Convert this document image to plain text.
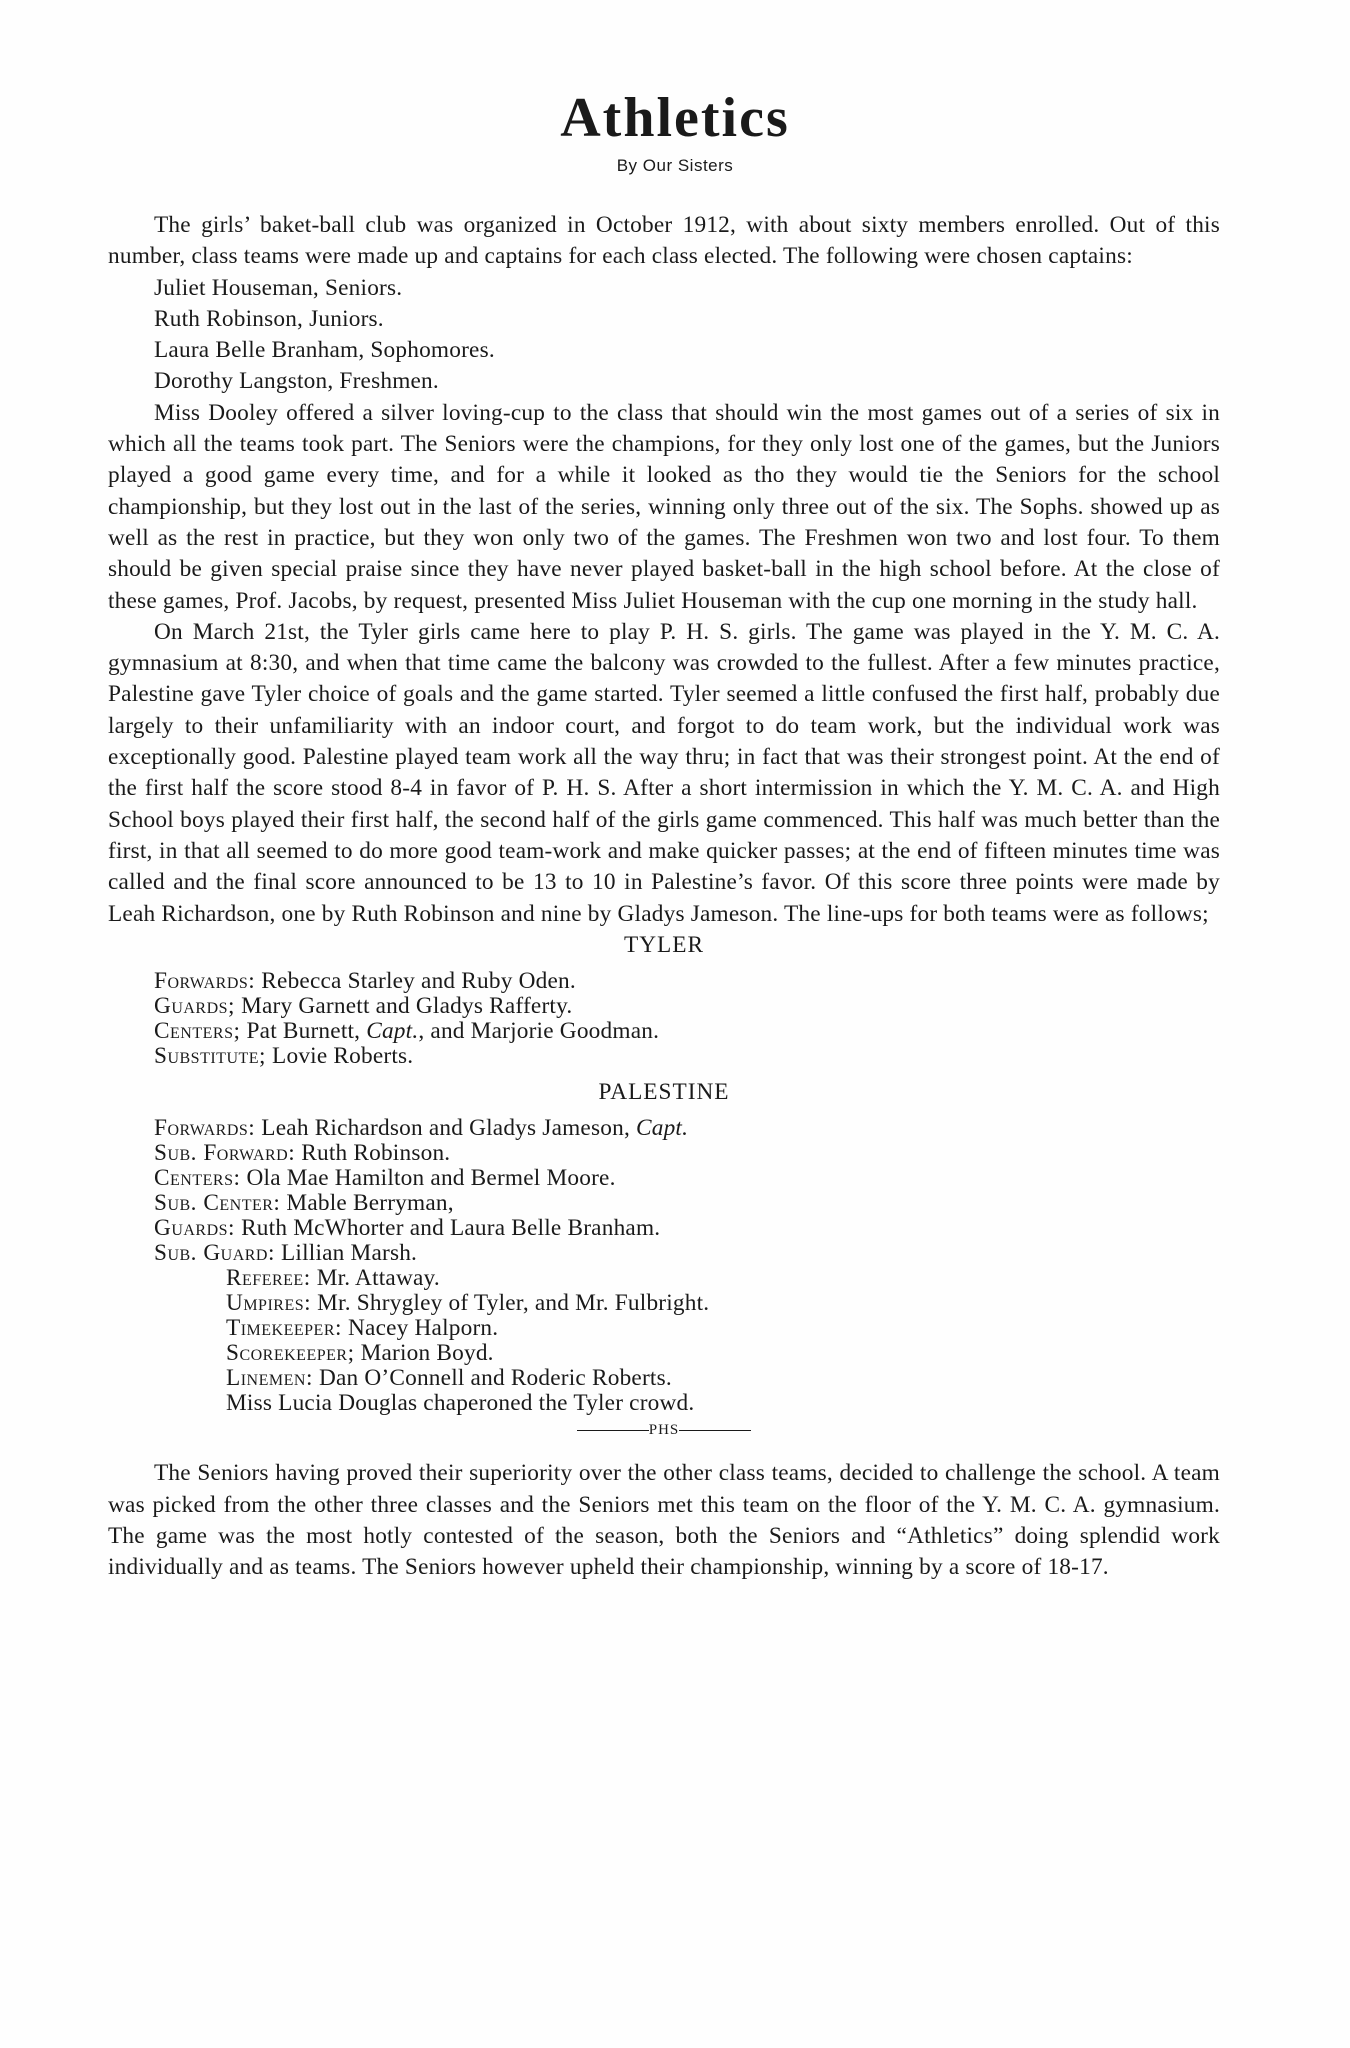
Athletics
By Our Sisters

The girls’ baket-ball club was organized in October 1912, with about sixty members enrolled. Out of this number, class teams were made up and captains for each class elected. The following were chosen captains:

Juliet Houseman, Seniors.
Ruth Robinson, Juniors.
Laura Belle Branham, Sophomores.
Dorothy Langston, Freshmen.

Miss Dooley offered a silver loving-cup to the class that should win the most games out of a series of six in which all the teams took part. The Seniors were the champions, for they only lost one of the games, but the Juniors played a good game every time, and for a while it looked as tho they would tie the Seniors for the school championship, but they lost out in the last of the series, winning only three out of the six. The Sophs. showed up as well as the rest in practice, but they won only two of the games. The Freshmen won two and lost four. To them should be given special praise since they have never played basket-ball in the high school before. At the close of these games, Prof. Jacobs, by request, presented Miss Juliet Houseman with the cup one morning in the study hall.

On March 21st, the Tyler girls came here to play P. H. S. girls. The game was played in the Y. M. C. A. gymnasium at 8:30, and when that time came the balcony was crowded to the fullest. After a few minutes practice, Palestine gave Tyler choice of goals and the game started. Tyler seemed a little confused the first half, probably due largely to their unfamiliarity with an indoor court, and forgot to do team work, but the individual work was exceptionally good. Palestine played team work all the way thru; in fact that was their strongest point. At the end of the first half the score stood 8-4 in favor of P. H. S. After a short intermission in which the Y. M. C. A. and High School boys played their first half, the second half of the girls game commenced. This half was much better than the first, in that all seemed to do more good team-work and make quicker passes; at the end of fifteen minutes time was called and the final score announced to be 13 to 10 in Palestine’s favor. Of this score three points were made by Leah Richardson, one by Ruth Robinson and nine by Gladys Jameson. The line-ups for both teams were as follows;

TYLER
Forwards: Rebecca Starley and Ruby Oden.
Guards; Mary Garnett and Gladys Rafferty.
Centers; Pat Burnett, Capt., and Marjorie Goodman.
Substitute; Lovie Roberts.
PALESTINE
Forwards: Leah Richardson and Gladys Jameson, Capt.
Sub. Forward: Ruth Robinson.
Centers: Ola Mae Hamilton and Bermel Moore.
Sub. Center: Mable Berryman,
Guards: Ruth McWhorter and Laura Belle Branham.
Sub. Guard: Lillian Marsh.
Referee: Mr. Attaway.
Umpires: Mr. Shrygley of Tyler, and Mr. Fulbright.
Timekeeper: Nacey Halporn.
Scorekeeper; Marion Boyd.
Linemen: Dan O’Connell and Roderic Roberts.
Miss Lucia Douglas chaperoned the Tyler crowd.
PHS

The Seniors having proved their superiority over the other class teams, decided to challenge the school. A team was picked from the other three classes and the Seniors met this team on the floor of the Y. M. C. A. gymnasium. The game was the most hotly contested of the season, both the Seniors and “Athletics” doing splendid work individually and as teams. The Seniors however upheld their championship, winning by a score of 18-17.
